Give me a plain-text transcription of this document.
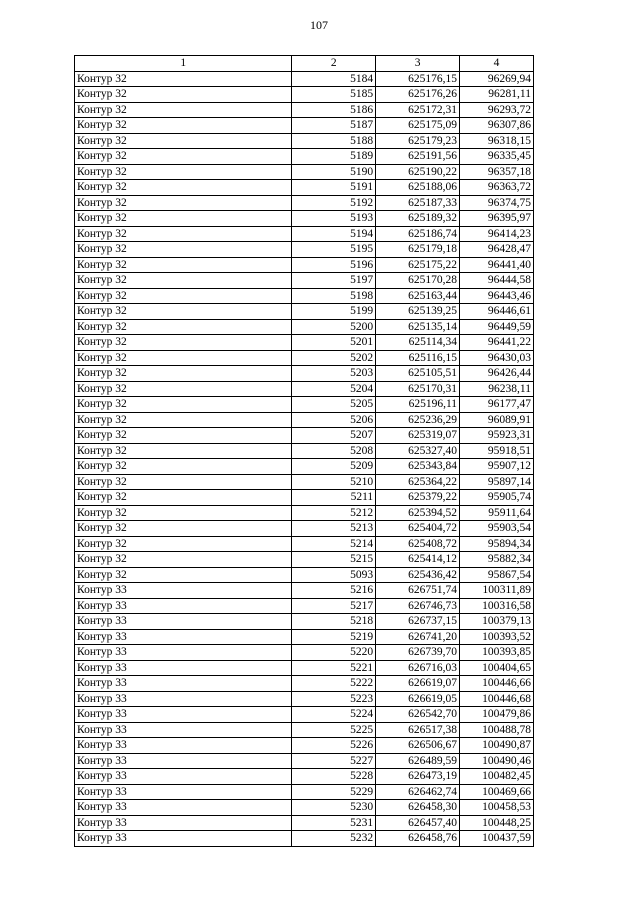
107
1	2	3	4
Контур 32	5184	625176,15	96269,94
Контур 32	5185	625176,26	96281,11
Контур 32	5186	625172,31	96293,72
Контур 32	5187	625175,09	96307,86
Контур 32	5188	625179,23	96318,15
Контур 32	5189	625191,56	96335,45
Контур 32	5190	625190,22	96357,18
Контур 32	5191	625188,06	96363,72
Контур 32	5192	625187,33	96374,75
Контур 32	5193	625189,32	96395,97
Контур 32	5194	625186,74	96414,23
Контур 32	5195	625179,18	96428,47
Контур 32	5196	625175,22	96441,40
Контур 32	5197	625170,28	96444,58
Контур 32	5198	625163,44	96443,46
Контур 32	5199	625139,25	96446,61
Контур 32	5200	625135,14	96449,59
Контур 32	5201	625114,34	96441,22
Контур 32	5202	625116,15	96430,03
Контур 32	5203	625105,51	96426,44
Контур 32	5204	625170,31	96238,11
Контур 32	5205	625196,11	96177,47
Контур 32	5206	625236,29	96089,91
Контур 32	5207	625319,07	95923,31
Контур 32	5208	625327,40	95918,51
Контур 32	5209	625343,84	95907,12
Контур 32	5210	625364,22	95897,14
Контур 32	5211	625379,22	95905,74
Контур 32	5212	625394,52	95911,64
Контур 32	5213	625404,72	95903,54
Контур 32	5214	625408,72	95894,34
Контур 32	5215	625414,12	95882,34
Контур 32	5093	625436,42	95867,54
Контур 33	5216	626751,74	100311,89
Контур 33	5217	626746,73	100316,58
Контур 33	5218	626737,15	100379,13
Контур 33	5219	626741,20	100393,52
Контур 33	5220	626739,70	100393,85
Контур 33	5221	626716,03	100404,65
Контур 33	5222	626619,07	100446,66
Контур 33	5223	626619,05	100446,68
Контур 33	5224	626542,70	100479,86
Контур 33	5225	626517,38	100488,78
Контур 33	5226	626506,67	100490,87
Контур 33	5227	626489,59	100490,46
Контур 33	5228	626473,19	100482,45
Контур 33	5229	626462,74	100469,66
Контур 33	5230	626458,30	100458,53
Контур 33	5231	626457,40	100448,25
Контур 33	5232	626458,76	100437,59
